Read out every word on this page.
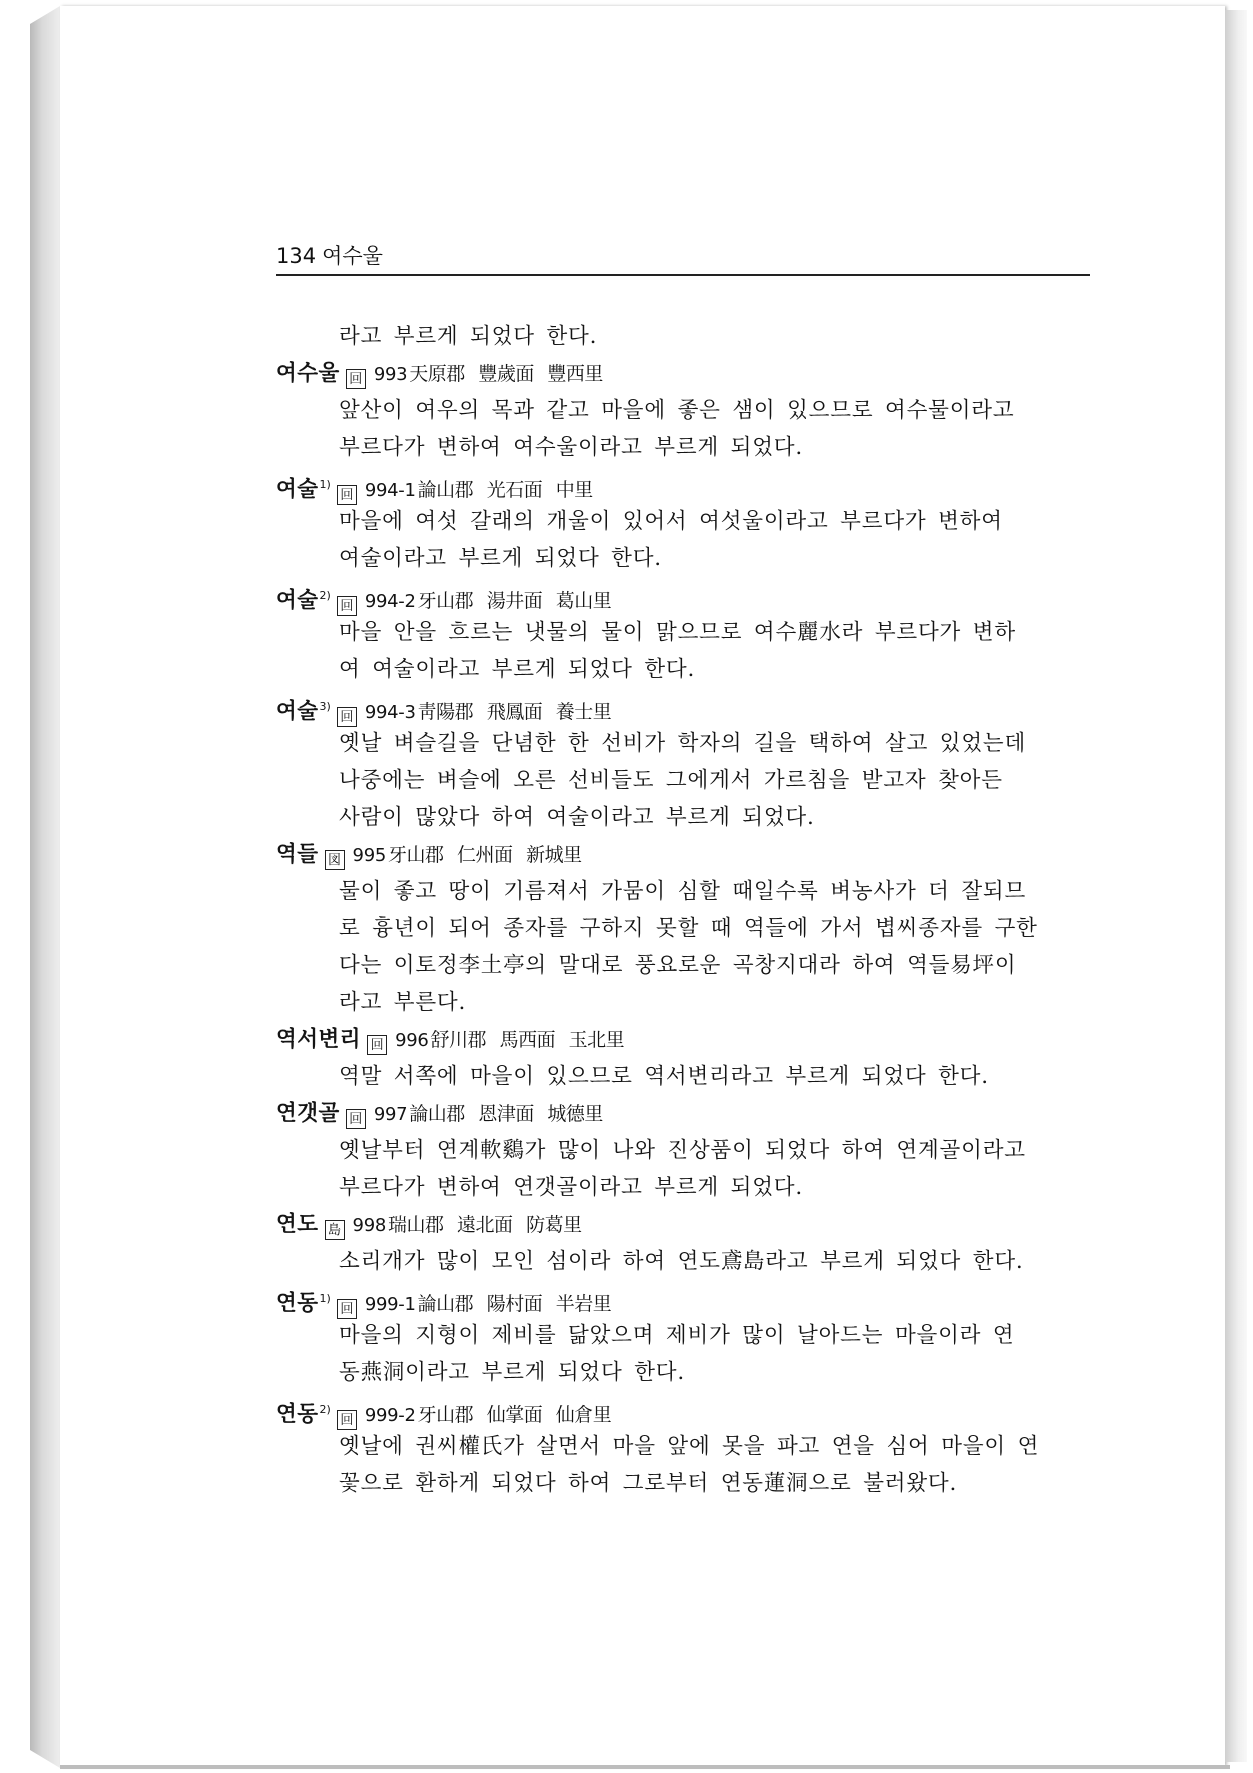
134 여수울
라고 부르게 되었다 한다.
여수울 回 993 天原郡 豐歲面 豐西里
앞산이 여우의 목과 같고 마을에 좋은 샘이 있으므로 여수물이라고
부르다가 변하여 여수울이라고 부르게 되었다.
여술$^{1)}$回 994-1 論山郡 光石面 中里
마을에 여섯 갈래의 개울이 있어서 여섯울이라고 부르다가 변하여
여술이라고 부르게 되었다 한다.
여술$^{2)}$回 994-2 牙山郡 湯井面 葛山里
마을 안을 흐르는 냇물의 물이 맑으므로 여수麗水라 부르다가 변하
여 여술이라고 부르게 되었다 한다.
여술$^{3)}$回 994-3 靑陽郡 飛鳳面 養士里
옛날 벼슬길을 단념한 한 선비가 학자의 길을 택하여 살고 있었는데
나중에는 벼슬에 오른 선비들도 그에게서 가르침을 받고자 찾아든
사람이 많았다 하여 여술이라고 부르게 되었다.
역들 図 995 牙山郡 仁州面 新城里
물이 좋고 땅이 기름져서 가뭄이 심할 때일수록 벼농사가 더 잘되므
로 흉년이 되어 종자를 구하지 못할 때 역들에 가서 볍씨종자를 구한
다는 이토정李土亭의 말대로 풍요로운 곡창지대라 하여 역들易坪이
라고 부른다.
역서변리 回 996 舒川郡 馬西面 玉北里
역말 서쪽에 마을이 있으므로 역서변리라고 부르게 되었다 한다.
연갯골 回 997 論山郡 恩津面 城德里
옛날부터 연계軟鷄가 많이 나와 진상품이 되었다 하여 연계골이라고
부르다가 변하여 연갯골이라고 부르게 되었다.
연도 島 998 瑞山郡 遠北面 防葛里
소리개가 많이 모인 섬이라 하여 연도鳶島라고 부르게 되었다 한다.
연동$^{1)}$回 999-1 論山郡 陽村面 半岩里
마을의 지형이 제비를 닮았으며 제비가 많이 날아드는 마을이라 연
동燕洞이라고 부르게 되었다 한다.
연동$^{2)}$回 999-2 牙山郡 仙掌面 仙倉里
옛날에 권씨權氏가 살면서 마을 앞에 못을 파고 연을 심어 마을이 연
꽃으로 환하게 되었다 하여 그로부터 연동蓮洞으로 불러왔다.
